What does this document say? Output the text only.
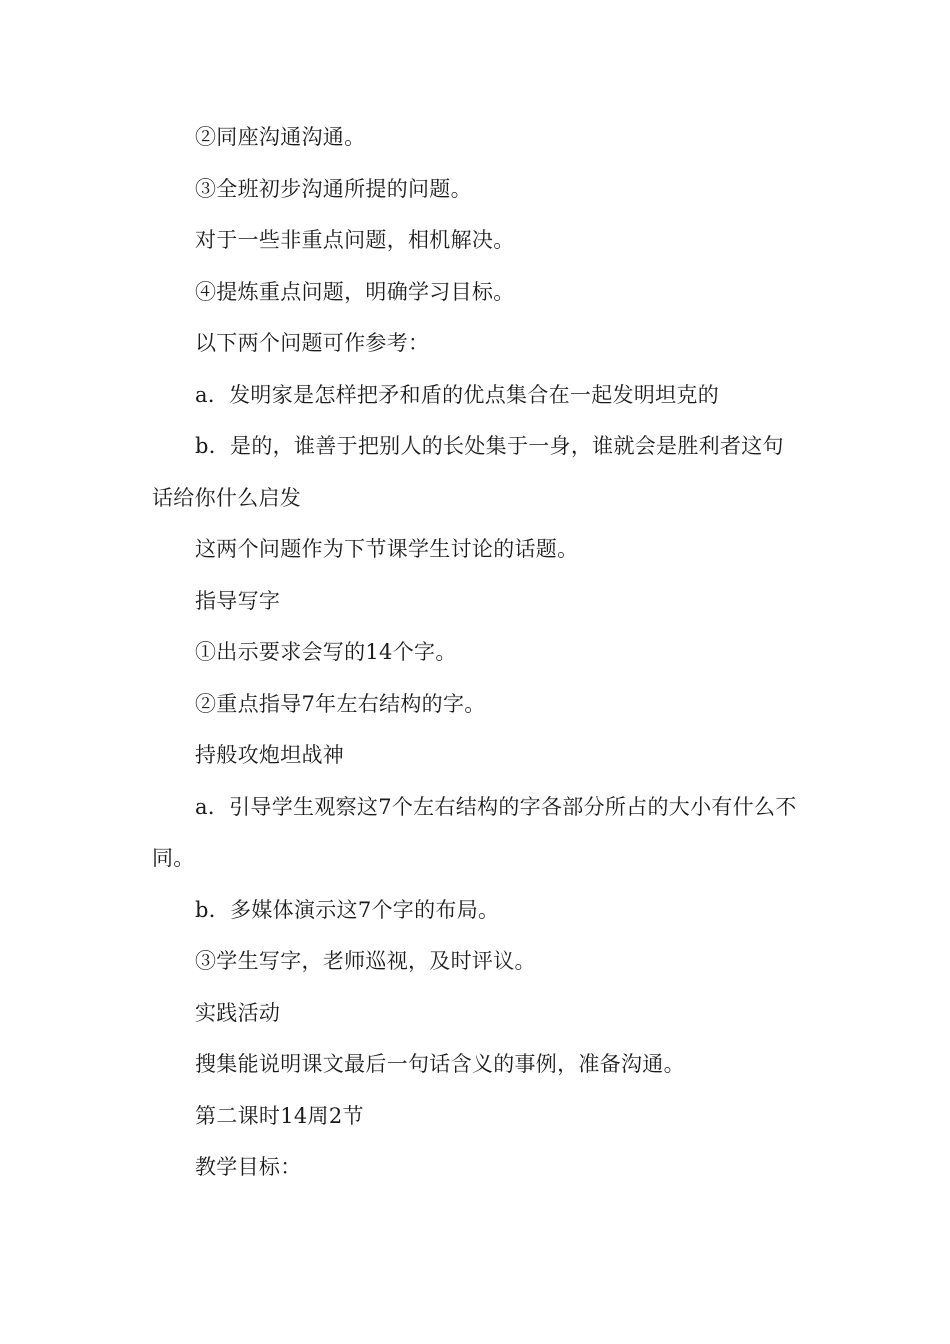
②同座沟通沟通。

③全班初步沟通所提的问题。

对于一些非重点问题，相机解决。

④提炼重点问题，明确学习目标。

以下两个问题可作参考：

a．发明家是怎样把矛和盾的优点集合在一起发明坦克的

b．是的，谁善于把别人的长处集于一身，谁就会是胜利者这句话给你什么启发

这两个问题作为下节课学生讨论的话题。

指导写字

①出示要求会写的14个字。

②重点指导7年左右结构的字。

持般攻炮坦战神

a．引导学生观察这7个左右结构的字各部分所占的大小有什么不同。

b．多媒体演示这7个字的布局。

③学生写字，老师巡视，及时评议。

实践活动

搜集能说明课文最后一句话含义的事例，准备沟通。

第二课时14周2节

教学目标：
